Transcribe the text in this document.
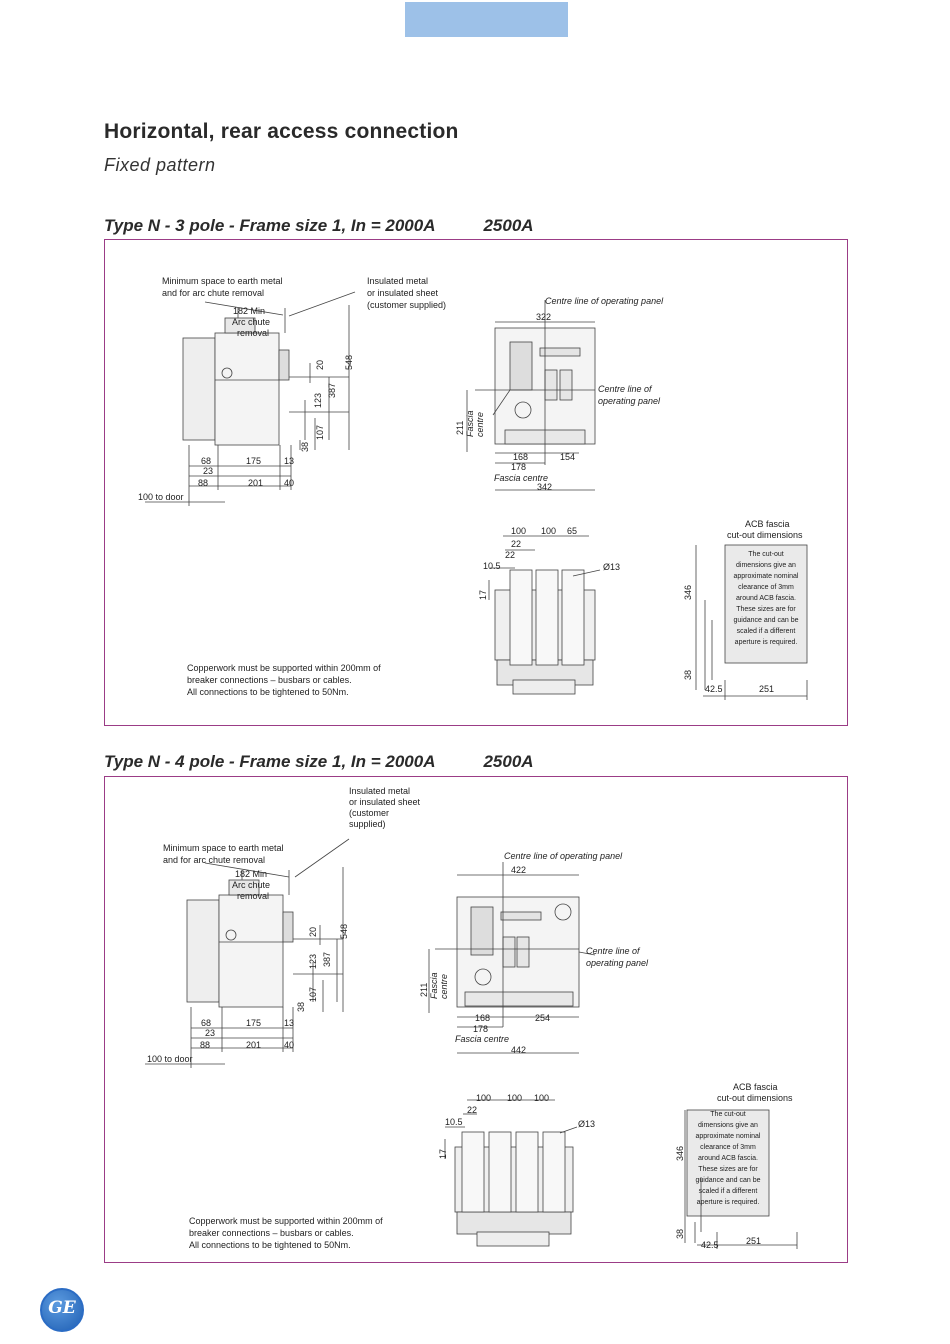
Horizontal, rear access connection
Fixed pattern
Type N - 3 pole - Frame size 1, In = 2000A	2500A
Minimum space to earth metal
and for arc chute removal
Insulated metal
or insulated sheet
(customer supplied)
182 Min
Arc chute
removal
20 548
123
387
107
38
68
23
175	13
88	201 40
100 to door
Centre line of operating panel
Centre line of
operating panel
322
211 Fascia centre
168	154
178
Fascia centre
342
100 100 65
22
22
10.5
17
Ø13
ACB fascia
cut-out dimensions
The cut-out
dimensions give an
approximate nominal
clearance of 3mm
around ACB fascia.
These sizes are for
guidance and can be
scaled if a different
aperture is required.
346
38
42.5	251
Copperwork must be supported within 200mm of
breaker connections – busbars or cables.
All connections to be tightened to 50Nm.
Type N - 4 pole - Frame size 1, In = 2000A	2500A
Minimum space to earth metal
and for arc chute removal
Insulated metal
or insulated sheet
(customer
supplied)
182 Min
Arc chute
removal
20 548
123 387
107
38
68
23
175	13
88	201	40
100 to door
Centre line of operating panel
Centre line of
operating panel
422
211 Fascia centre
168	254
178
Fascia centre
442
100 100 100
22
10.5
17
Ø13
ACB fascia
cut-out dimensions
The cut-out
dimensions give an
approximate nominal
clearance of 3mm
around ACB fascia.
These sizes are for
guidance and can be
scaled if a different
aperture is required.
346
38
42.5	251
Copperwork must be supported within 200mm of
breaker connections – busbars or cables.
All connections to be tightened to 50Nm.
GE
